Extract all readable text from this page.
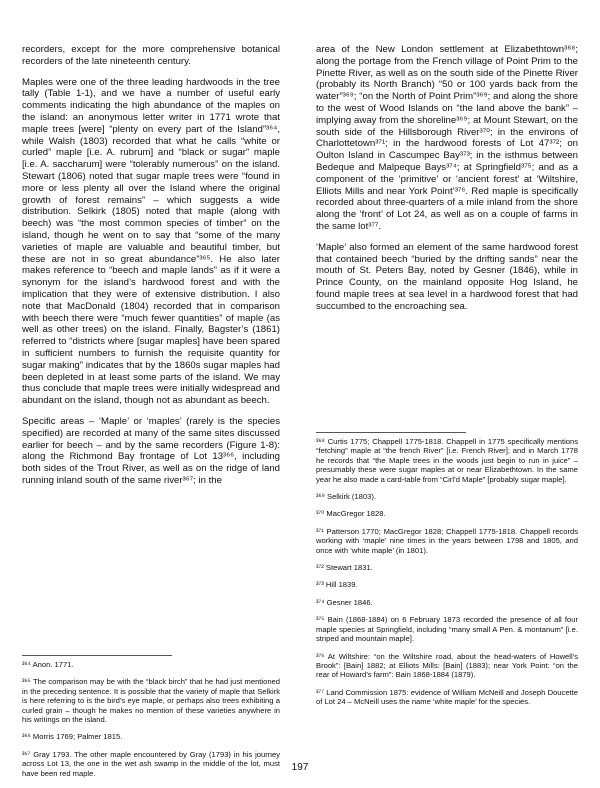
recorders, except for the more comprehensive botanical recorders of the late nineteenth century.

Maples were one of the three leading hardwoods in the tree tally (Table 1-1), and we have a number of useful early comments indicating the high abundance of the maples on the island: an anonymous letter writer in 1771 wrote that maple trees [were] “plenty on every part of the Island”³⁶⁴, while Walsh (1803) recorded that what he calls “white or curled” maple [i.e. A. rubrum] and “black or sugar” maple [i.e. A. saccharum] were “tolerably numerous” on the island. Stewart (1806) noted that sugar maple trees were “found in more or less plenty all over the Island where the original growth of forest remains” – which suggests a wide distribution. Selkirk (1805) noted that maple (along with beech) was “the most common species of timber” on the island, though he went on to say that “some of the many varieties of maple are valuable and beautiful timber, but these are not in so great abundance”³⁶⁵. He also later makes reference to “beech and maple lands” as if it were a synonym for the island’s hardwood forest and with the implication that they were of extensive distribution. I also note that MacDonald (1804) recorded that in comparison with beech there were “much fewer quantities” of maple (as well as other trees) on the island. Finally, Bagster’s (1861) referred to “districts where [sugar maples] have been spared in sufficient numbers to furnish the requisite quantity for sugar making” indicates that by the 1860s sugar maples had been depleted in at least some parts of the island. We may thus conclude that maple trees were initially widespread and abundant on the island, though not as abundant as beech.

Specific areas – ‘Maple’ or ‘maples’ (rarely is the species specified) are recorded at many of the same sites discussed earlier for beech – and by the same recorders (Figure 1-8): along the Richmond Bay frontage of Lot 13³⁶⁶, including both sides of the Trout River, as well as on the ridge of land running inland south of the same river³⁶⁷; in the

³⁶⁴ Anon. 1771.

³⁶⁵ The comparison may be with the “black birch” that he had just mentioned in the preceding sentence. It is possible that the variety of maple that Selkirk is here referring to is the bird’s eye maple, or perhaps also trees exhibiting a curled grain – though he makes no mention of these varieties anywhere in his writings on the island.

³⁶⁶ Morris 1769; Palmer 1815.

³⁶⁷ Gray 1793. The other maple encountered by Gray (1793) in his journey across Lot 13, the one in the wet ash swamp in the middle of the lot, must have been red maple.

area of the New London settlement at Elizabethtown³⁶⁸; along the portage from the French village of Point Prim to the Pinette River, as well as on the south side of the Pinette River (probably its North Branch) “50 or 100 yards back from the water”³⁶⁹; “on the North of Point Prim”³⁶⁹; and along the shore to the west of Wood Islands on “the land above the bank” – implying away from the shoreline³⁶⁹; at Mount Stewart, on the south side of the Hillsborough River³⁷⁰; in the environs of Charlottetown³⁷¹; in the hardwood forests of Lot 47³⁷²; on Oulton Island in Cascumpec Bay³⁷³; in the isthmus between Bedeque and Malpeque Bays³⁷⁴; at Springfield³⁷⁵; and as a component of the ‘primitive’ or ‘ancient forest’ at ‘Wiltshire, Elliots Mills and near York Point’³⁷⁶. Red maple is specifically recorded about three-quarters of a mile inland from the shore along the ‘front’ of Lot 24, as well as on a couple of farms in the same lot³⁷⁷.

‘Maple’ also formed an element of the same hardwood forest that contained beech “buried by the drifting sands” near the mouth of St. Peters Bay, noted by Gesner (1846), while in Prince County, on the mainland opposite Hog Island, he found maple trees at sea level in a hardwood forest that had succumbed to the encroaching sea.

³⁶⁸ Curtis 1775; Chappell 1775-1818. Chappell in 1775 specifically mentions “fetching” maple at “the french River” [i.e. French River]; and in March 1778 he records that “the Maple trees in the woods just begin to run in juice” – presumably these were sugar maples at or near Elizabethtown. In the same year he also made a card-table from “Cirl’d Maple” [probably sugar maple].

³⁶⁹ Selkirk (1803).

³⁷⁰ MacGregor 1828.

³⁷¹ Patterson 1770; MacGregor 1828; Chappell 1775-1818. Chappell records working with ‘maple’ nine times in the years between 1798 and 1805, and once with ‘white maple’ (in 1801).

³⁷² Stewart 1831.

³⁷³ Hill 1839.

³⁷⁴ Gesner 1846.

³⁷⁵ Bain (1868-1884) on 6 February 1873 recorded the presence of all four maple species at Springfield, including “many small A Pen. & montanum” [i.e. striped and mountain maple].

³⁷⁶ At Wiltshire: “on the Wiltshire road, about the head-waters of Howell’s Brook”: [Bain] 1882; at Elliots Mills: [Bain] (1883); near York Point: “on the rear of Howard’s farm”: Bain 1868-1884 (1879).

³⁷⁷ Land Commission 1875: evidence of William McNeill and Joseph Doucette of Lot 24 – McNeill uses the name ‘white maple’ for the species.

197
